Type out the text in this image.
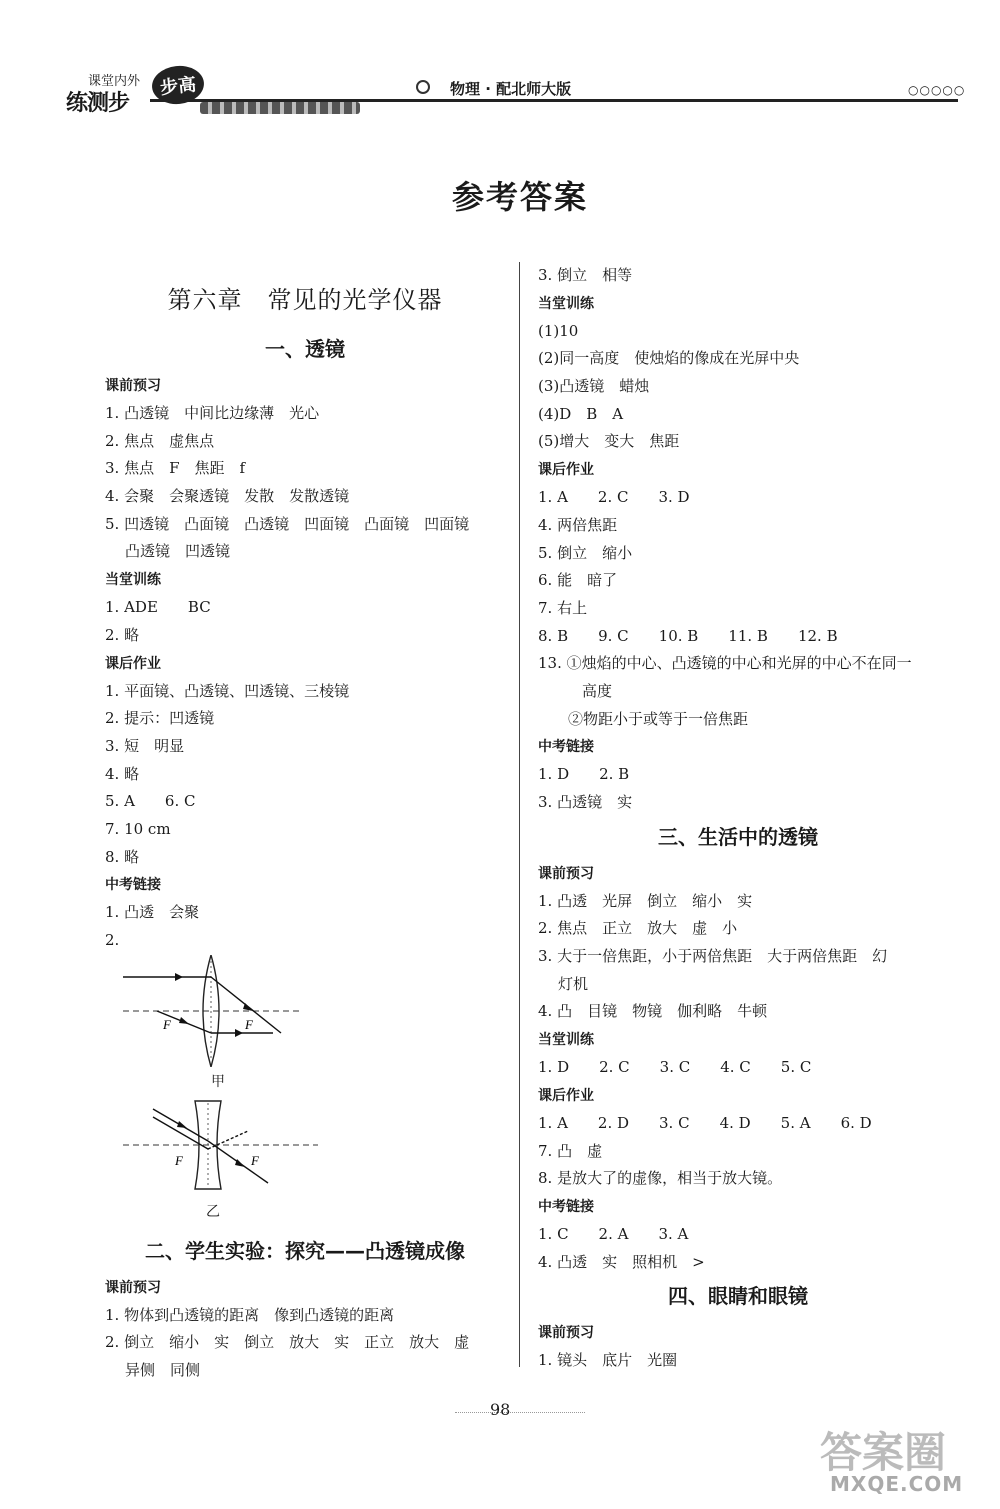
课堂内外
练测步
步高	物理 · 配北师大版	○○○○○
参考答案
第六章　常见的光学仪器
一、透镜
课前预习
1. 凸透镜　中间比边缘薄　光心
2. 焦点　虚焦点
3. 焦点　F　焦距　f
4. 会聚　会聚透镜　发散　发散透镜
5. 凹透镜　凸面镜　凸透镜　凹面镜　凸面镜　凹面镜
凸透镜　凹透镜
当堂训练
1. ADE　　BC
2. 略
课后作业
1. 平面镜、凸透镜、凹透镜、三棱镜
2. 提示：凹透镜
3. 短　明显
4. 略
5. A　　6. C
7. 10 cm
8. 略
中考链接
1. 凸透　会聚
2.
F	F
甲
F	F
乙
二、学生实验：探究——凸透镜成像
课前预习
1. 物体到凸透镜的距离　像到凸透镜的距离
2. 倒立　缩小　实　倒立　放大　实　正立　放大　虚
异侧　同侧
3. 倒立　相等
当堂训练
(1)10
(2)同一高度　使烛焰的像成在光屏中央
(3)凸透镜　蜡烛
(4)D　B　A
(5)增大　变大　焦距
课后作业
1. A　　2. C　　3. D
4. 两倍焦距
5. 倒立　缩小
6. 能　暗了
7. 右上
8. B　　9. C　　10. B　　11. B　　12. B
13. ①烛焰的中心、凸透镜的中心和光屏的中心不在同一
高度
②物距小于或等于一倍焦距
中考链接
1. D　　2. B
3. 凸透镜　实
三、生活中的透镜
课前预习
1. 凸透　光屏　倒立　缩小　实
2. 焦点　正立　放大　虚　小
3. 大于一倍焦距，小于两倍焦距　大于两倍焦距　幻
灯机
4. 凸　目镜　物镜　伽利略　牛顿
当堂训练
1. D　　2. C　　3. C　　4. C　　5. C
课后作业
1. A　　2. D　　3. C　　4. D　　5. A　　6. D
7. 凸　虚
8. 是放大了的虚像，相当于放大镜。
中考链接
1. C　　2. A　　3. A
4. 凸透　实　照相机　>
四、眼睛和眼镜
课前预习
1. 镜头　底片　光圈
98
答案圈
MXQE.COM
